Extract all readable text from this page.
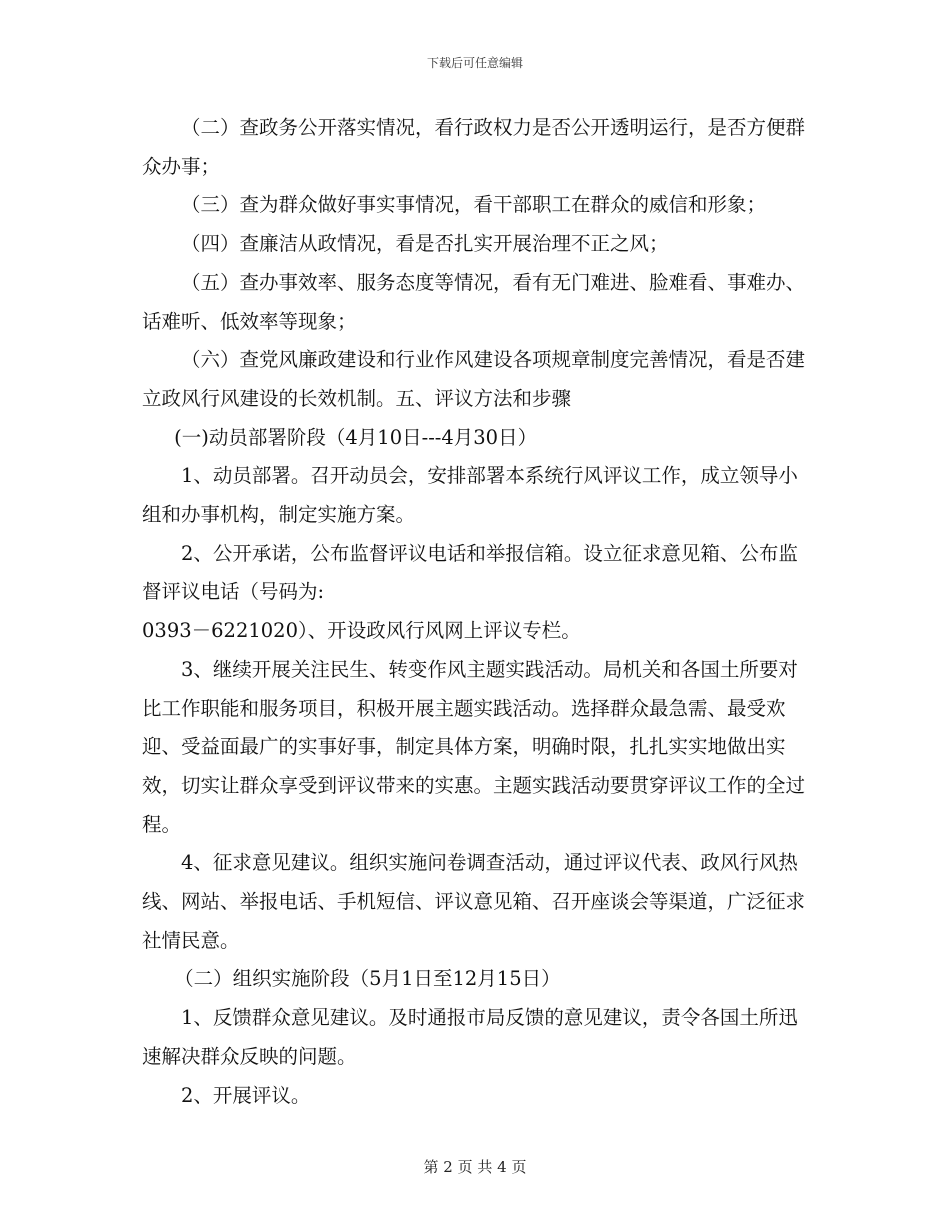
下载后可任意编辑

（二）查政务公开落实情况，看行政权力是否公开透明运行，是否方便群众办事；

（三）查为群众做好事实事情况，看干部职工在群众的威信和形象；

（四）查廉洁从政情况，看是否扎实开展治理不正之风；

（五）查办事效率、服务态度等情况，看有无门难进、脸难看、事难办、话难听、低效率等现象；

（六）查党风廉政建设和行业作风建设各项规章制度完善情况，看是否建立政风行风建设的长效机制。五、评议方法和步骤

(一)动员部署阶段（4月10日---4月30日）

1、动员部署。召开动员会，安排部署本系统行风评议工作，成立领导小组和办事机构，制定实施方案。

2、公开承诺，公布监督评议电话和举报信箱。设立征求意见箱、公布监督评议电话（号码为:

0393－6221020）、开设政风行风网上评议专栏。

3、继续开展关注民生、转变作风主题实践活动。局机关和各国土所要对比工作职能和服务项目，积极开展主题实践活动。选择群众最急需、最受欢迎、受益面最广的实事好事，制定具体方案，明确时限，扎扎实实地做出实效，切实让群众享受到评议带来的实惠。主题实践活动要贯穿评议工作的全过程。

4、征求意见建议。组织实施问卷调查活动，通过评议代表、政风行风热线、网站、举报电话、手机短信、评议意见箱、召开座谈会等渠道，广泛征求社情民意。

（二）组织实施阶段（5月1日至12月15日）

1、反馈群众意见建议。及时通报市局反馈的意见建议，责令各国土所迅速解决群众反映的问题。

2、开展评议。

第 2 页 共 4 页
